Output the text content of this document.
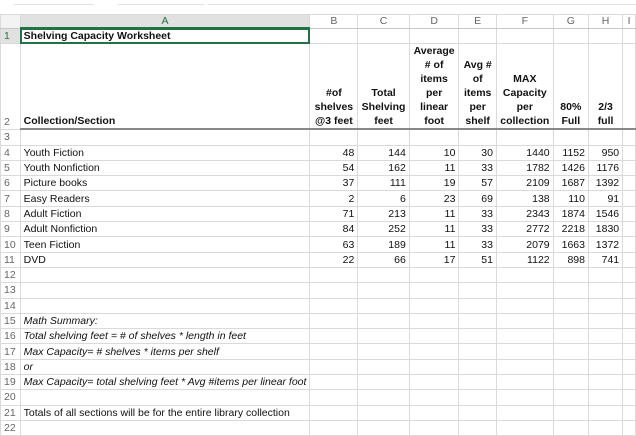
	A	B	C	D	E	F	G	H	I
1	Shelving Capacity Worksheet								
2	Collection/Section	#of shelves @3 feet	Total Shelving feet	Average # of items per linear foot	Avg # of items per shelf	MAX Capacity per collection	80% Full	2/3 full	
3									
4	Youth Fiction	48	144	10	30	1440	1152	950	
5	Youth Nonfiction	54	162	11	33	1782	1426	1176	
6	Picture books	37	111	19	57	2109	1687	1392	
7	Easy Readers	2	6	23	69	138	110	91	
8	Adult Fiction	71	213	11	33	2343	1874	1546	
9	Adult Nonfiction	84	252	11	33	2772	2218	1830	
10	Teen Fiction	63	189	11	33	2079	1663	1372	
11	DVD	22	66	17	51	1122	898	741	
12									
13									
14									
15	Math Summary:								
16	Total shelving feet = # of shelves * length in feet								
17	Max Capacity= # shelves * items per shelf								
18	or								
19	Max Capacity= total shelving feet * Avg #items per linear foot								
20									
21	Totals of all sections will be for the entire library collection								
22									
